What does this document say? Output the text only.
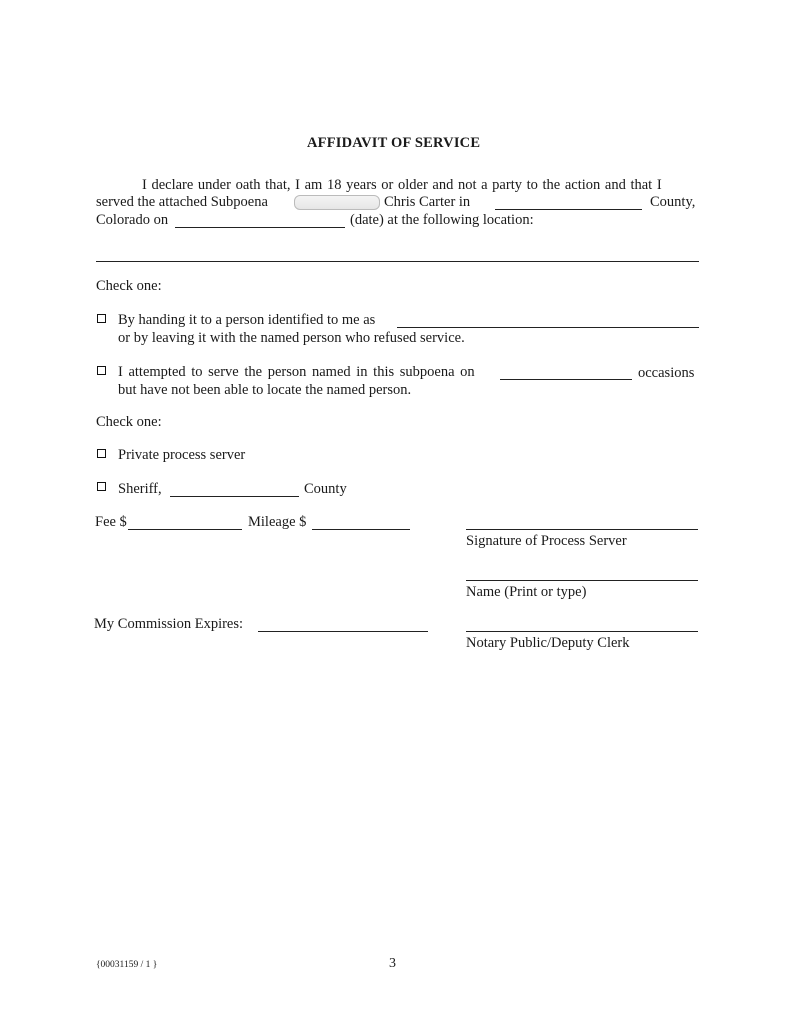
AFFIDAVIT OF SERVICE
I declare under oath that, I am 18 years or older and not a party to the action and that I
served the attached Subpoena	Chris Carter in	County,
Colorado on	(date) at the following location:
Check one:
By handing it to a person identified to me as
or by leaving it with the named person who refused service.
I attempted to serve the person named in this subpoena on	occasions
but have not been able to locate the named person.
Check one:
Private process server
Sheriff,	County
Fee $	Mileage $
Signature of Process Server
Name (Print or type)
My Commission Expires:
Notary Public/Deputy Clerk
{00031159 / 1 }	3
